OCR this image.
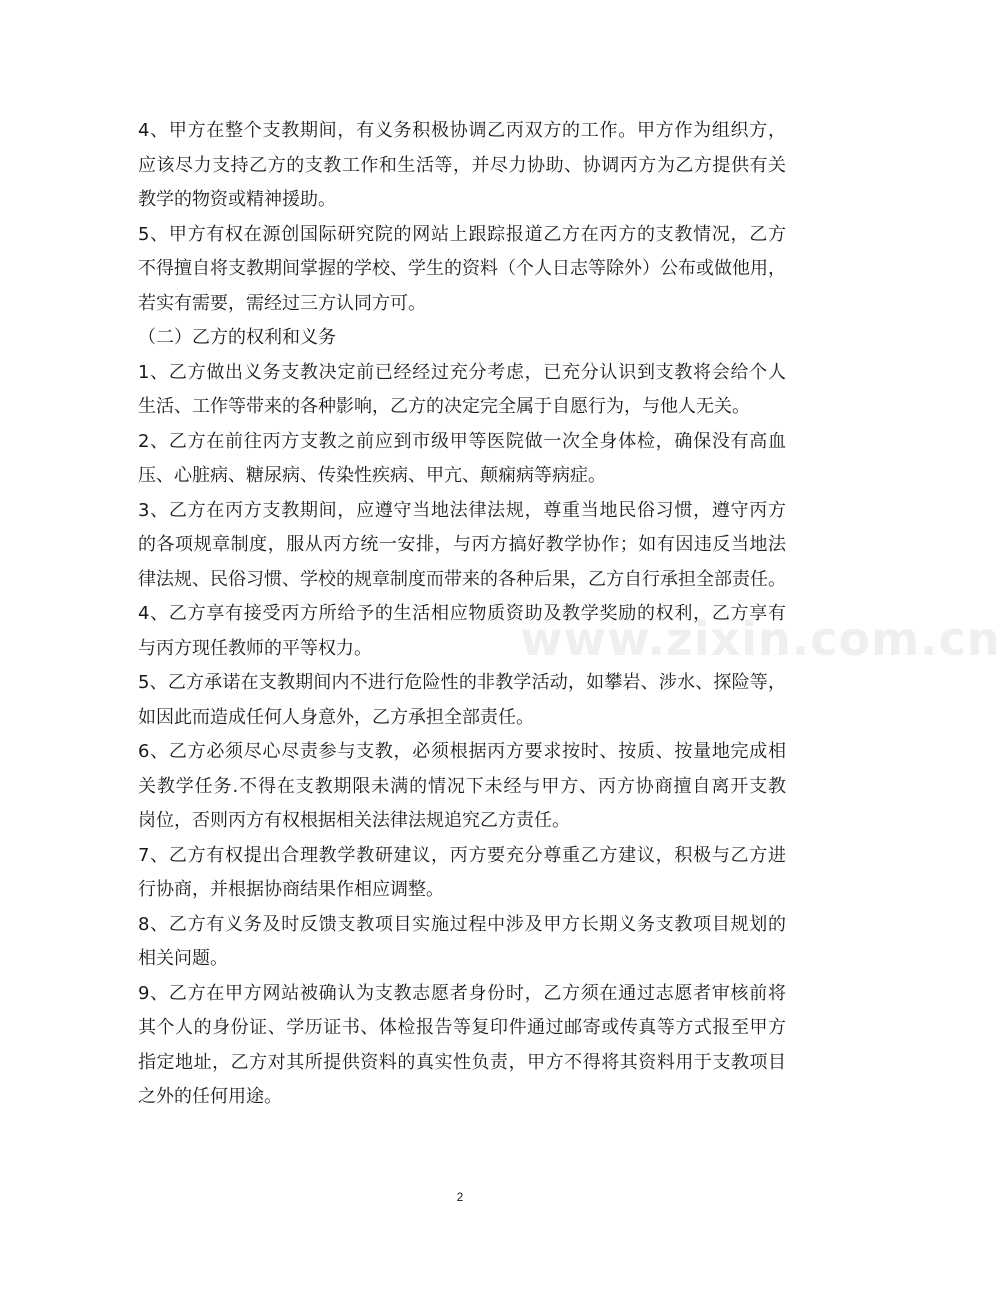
4、甲方在整个支教期间，有义务积极协调乙丙双方的工作。甲方作为组织方，
应该尽力支持乙方的支教工作和生活等，并尽力协助、协调丙方为乙方提供有关
教学的物资或精神援助。

5、甲方有权在源创国际研究院的网站上跟踪报道乙方在丙方的支教情况，乙方
不得擅自将支教期间掌握的学校、学生的资料（个人日志等除外）公布或做他用，
若实有需要，需经过三方认同方可。

（二）乙方的权利和义务

1、乙方做出义务支教决定前已经经过充分考虑，已充分认识到支教将会给个人
生活、工作等带来的各种影响，乙方的决定完全属于自愿行为，与他人无关。

2、乙方在前往丙方支教之前应到市级甲等医院做一次全身体检，确保没有高血
压、心脏病、糖尿病、传染性疾病、甲亢、颠痫病等病症。

3、乙方在丙方支教期间，应遵守当地法律法规，尊重当地民俗习惯，遵守丙方
的各项规章制度，服从丙方统一安排，与丙方搞好教学协作；如有因违反当地法
律法规、民俗习惯、学校的规章制度而带来的各种后果，乙方自行承担全部责任。

4、乙方享有接受丙方所给予的生活相应物质资助及教学奖励的权利，乙方享有
与丙方现任教师的平等权力。

5、乙方承诺在支教期间内不进行危险性的非教学活动，如攀岩、涉水、探险等，
如因此而造成任何人身意外，乙方承担全部责任。

6、乙方必须尽心尽责参与支教，必须根据丙方要求按时、按质、按量地完成相
关教学任务.不得在支教期限未满的情况下未经与甲方、丙方协商擅自离开支教
岗位，否则丙方有权根据相关法律法规追究乙方责任。

7、乙方有权提出合理教学教研建议，丙方要充分尊重乙方建议，积极与乙方进
行协商，并根据协商结果作相应调整。

8、乙方有义务及时反馈支教项目实施过程中涉及甲方长期义务支教项目规划的
相关问题。

9、乙方在甲方网站被确认为支教志愿者身份时，乙方须在通过志愿者审核前将
其个人的身份证、学历证书、体检报告等复印件通过邮寄或传真等方式报至甲方
指定地址，乙方对其所提供资料的真实性负责，甲方不得将其资料用于支教项目
之外的任何用途。

www.zixin.com.cn
2
